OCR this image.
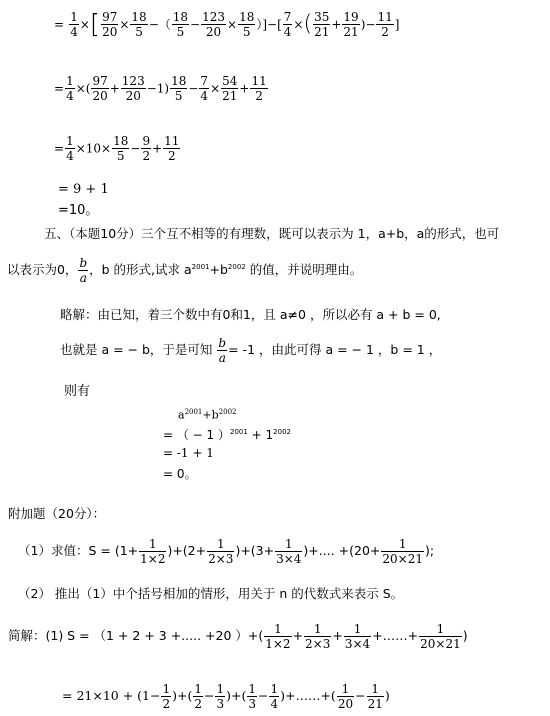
= $\frac{1}{4}$ ×[ $\frac{97}{20} \times \frac{18}{5}$ −（ $\frac{18}{5} - \frac{123}{20} \times \frac{18}{5}$ ）]−[ $\frac{7}{4}$ ×( $\frac{35}{21} + \frac{19}{21}$ )− $\frac{11}{2}$ ]
= $\frac{1}{4}$ ×( $\frac{97}{20} + \frac{123}{20} -1) \frac{18}{5} - \frac{7}{4} \times \frac{54}{21} + \frac{11}{2}$
= $\frac{1}{4} \times 10\times \frac{18}{5} - \frac{9}{2} + \frac{11}{2}$
= 9 + 1
=10。
五、（本题10分）三个互不相等的有理数，既可以表示为 1，a+b，a的形式，也可
以表示为0， $\frac{b}{a}$ ，b 的形式,试求 $a^{2001}+b^{2002}$ 的值，并说明理由。
略解：由已知，着三个数中有0和1，且 a≠0 ，所以必有 a + b = 0,
也就是 a = − b，于是可知 $\frac{b}{a} = -1$ ，由此可得 a = − 1 ，b = 1 ，
则有
$a^{2001}+b^{2002}$
= （ − 1 ）$^{2001} + 1^{2002}$
= -1 + 1
= 0。
附加题（20分）：
（1）求值：$S = (1+ \frac{1}{1\times 2} )+(2+ \frac{1}{2\times 3} )+(3+ \frac{1}{3\times 4}$ )+.... $+(20+ \frac{1}{20\times 21}$ );
（2） 推出（1）中个括号相加的情形，用关于 n 的代数式来表示 S。
简解：(1) S = （1 + 2 + 3 +..... +20 ）+( $\frac{1}{1\times 2} + \frac{1}{2\times 3} + \frac{1}{3\times 4}$ +……+ $\frac{1}{20\times 21}$ )
= $21\times 10 + (1- \frac{1}{2}$ )+( $\frac{1}{2} - \frac{1}{3}$ )+( $\frac{1}{3} - \frac{1}{4}$ )+……+( $\frac{1}{20} - \frac{1}{21}$ )
